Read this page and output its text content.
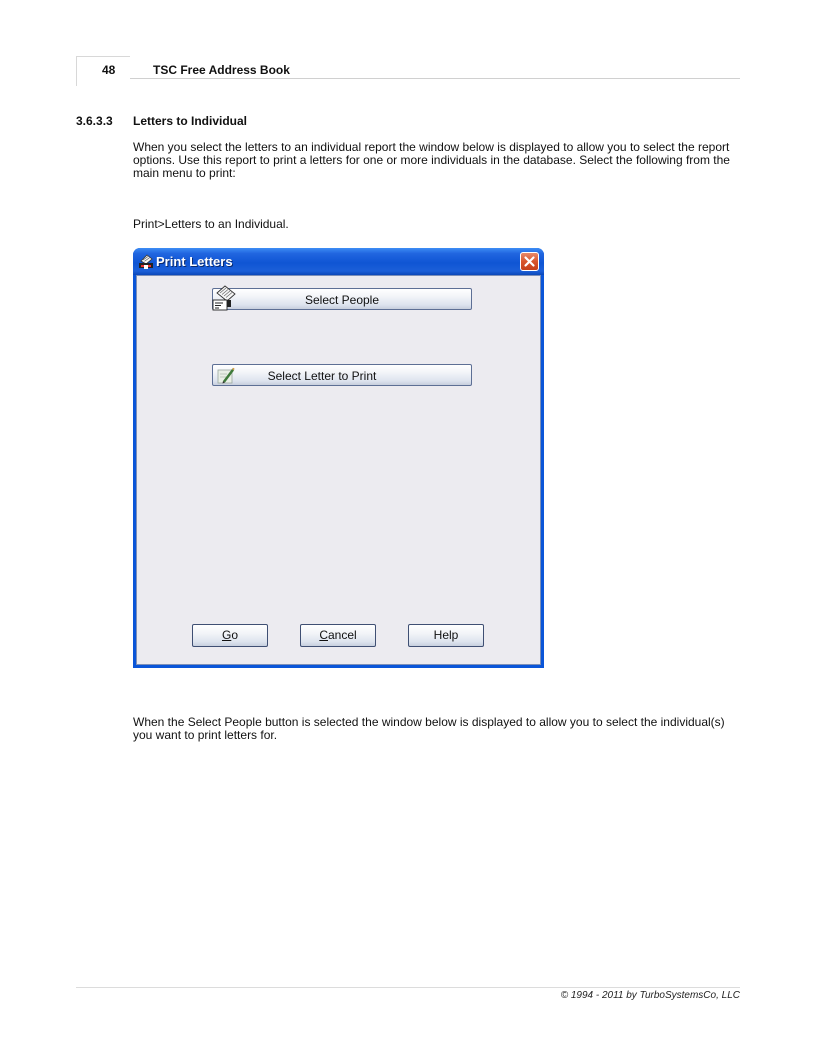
48	TSC Free Address Book
3.6.3.3 Letters to Individual
When you select the letters to an individual report the window below is displayed to allow you to select the report options. Use this report to print a letters for one or more individuals in the database. Select the following from the main menu to print:
Print>Letters to an Individual.
Print Letters
Select People
Select Letter to Print
Go	Cancel	Help
When the Select People button is selected the window below is displayed to allow you to select the individual(s) you want to print letters for.
© 1994 - 2011 by TurboSystemsCo, LLC
